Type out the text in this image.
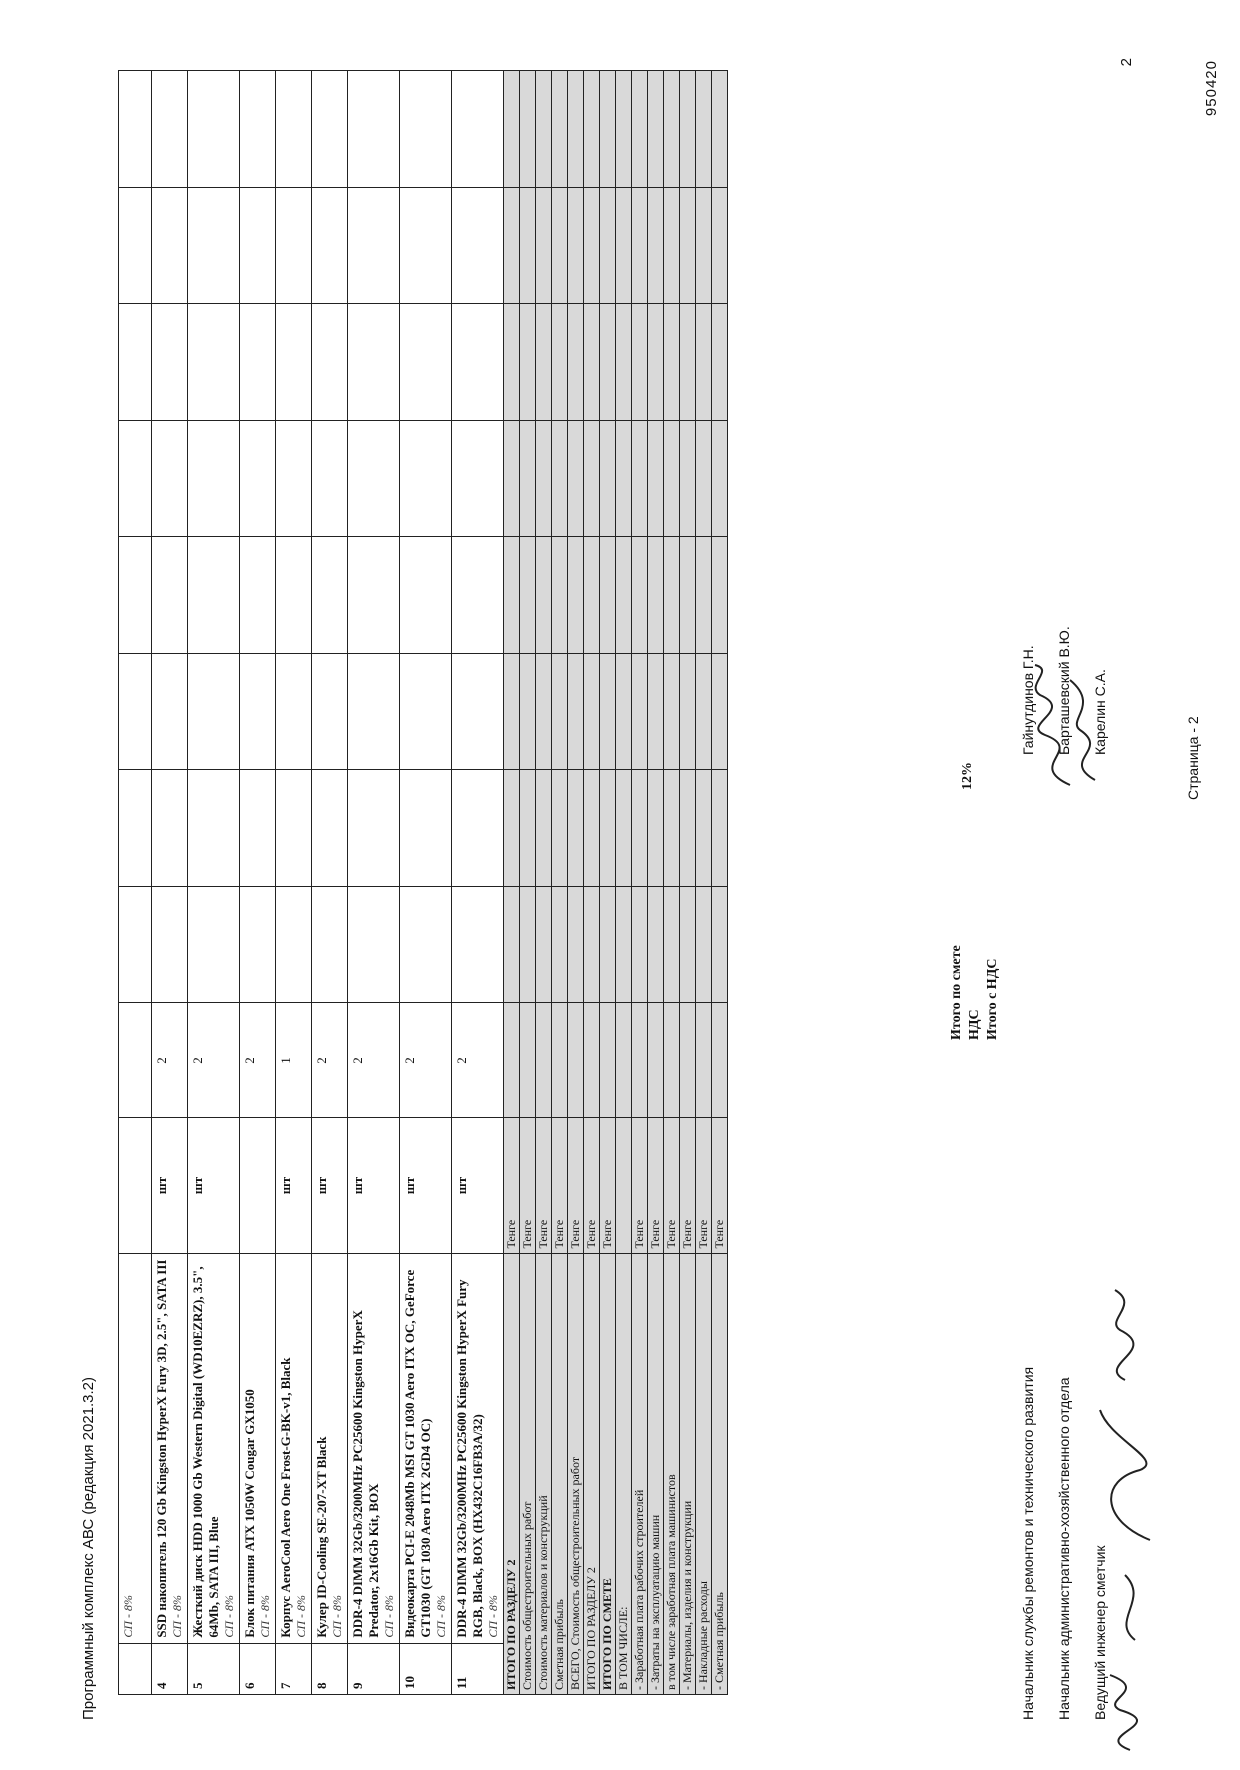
950420
2
Программный комплекс АВС (редакция 2021.3.2)

	СП - 8%										

4	SSD накопитель 120 Gb Kingston HyperX Fury 3D, 2.5", SATA III СП - 8%	шт	2								

5	Жесткий диск HDD 1000 Gb Western Digital (WD10EZRZ), 3.5", 64Mb, SATA III, Blue СП - 8%	шт	2								

6	Блок питания ATX 1050W Cougar GX1050 СП - 8%		2								

7	Корпус AeroCool Aero One Frost-G-BK-v1, Black СП - 8%	шт	1								

8	Кулер ID-Cooling SE-207-XT Black СП - 8%	шт	2								

9	DDR-4 DIMM 32Gb/3200MHz PC25600 Kingston HyperX Predator, 2x16Gb Kit, BOX СП - 8%	шт	2								

10	Видеокарта PCI-E 2048Mb MSI GT 1030 Aero ITX OC, GeForce GT1030 (GT 1030 Aero ITX 2GD4 OC) СП - 8%	шт	2								

11	DDR-4 DIMM 32Gb/3200MHz PC25600 Kingston HyperX Fury RGB, Black, BOX (HX432C16FB3A/32) СП - 8%	шт	2								

ИТОГО ПО РАЗДЕЛУ 2		Тенге									
Стоимость общестроительных работ		Тенге									
Стоимость материалов и конструкций		Тенге									
Сметная прибыль		Тенге									
ВСЕГО, Стоимость общестроительных работ		Тенге									
ИТОГО ПО РАЗДЕЛУ 2		Тенге									
ИТОГО ПО СМЕТЕ		Тенге									
В ТОМ ЧИСЛЕ:											
- Заработная плата рабочих строителей		Тенге									
- Затраты на эксплуатацию машин		Тенге									
в том числе заработная плата машинистов		Тенге									
- Материалы, изделия и конструкции		Тенге									
- Накладные расходы		Тенге									
- Сметная прибыль		Тенге									
Итого по смете НДС Итого с НДС
12%
Начальник службы ремонтов и технического развития
Гайнутдинов Г.Н.
Начальник административно-хозяйственного отдела
Барташевский В.Ю.
Ведущий инженер сметчик
Карелин С.А.
Страница - 2
